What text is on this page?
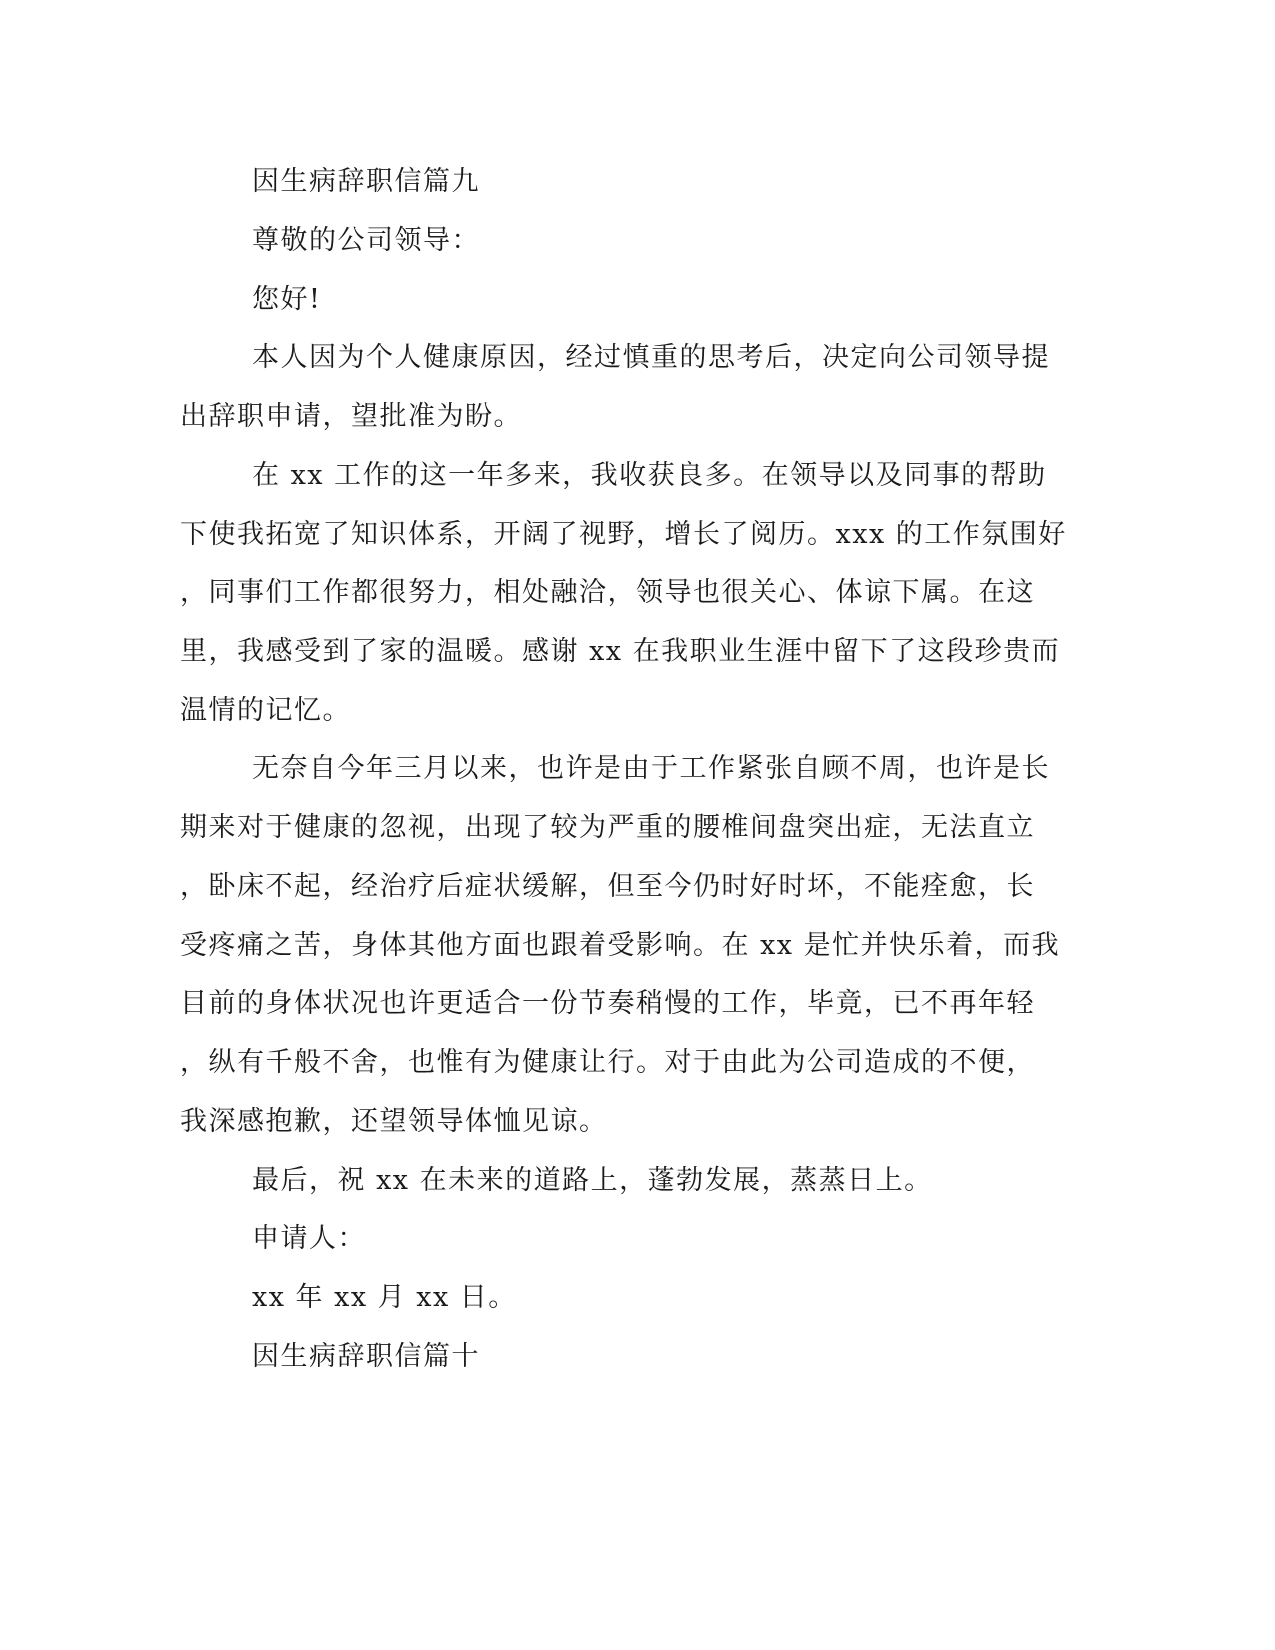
因生病辞职信篇九
尊敬的公司领导：
您好!
本人因为个人健康原因，经过慎重的思考后，决定向公司领导提
出辞职申请，望批准为盼。
在 xx 工作的这一年多来，我收获良多。在领导以及同事的帮助
下使我拓宽了知识体系，开阔了视野，增长了阅历。xxx 的工作氛围好
，同事们工作都很努力，相处融洽，领导也很关心、体谅下属。在这
里，我感受到了家的温暖。感谢 xx 在我职业生涯中留下了这段珍贵而
温情的记忆。
无奈自今年三月以来，也许是由于工作紧张自顾不周，也许是长
期来对于健康的忽视，出现了较为严重的腰椎间盘突出症，无法直立
，卧床不起，经治疗后症状缓解，但至今仍时好时坏，不能痊愈，长
受疼痛之苦，身体其他方面也跟着受影响。在 xx 是忙并快乐着，而我
目前的身体状况也许更适合一份节奏稍慢的工作，毕竟，已不再年轻
，纵有千般不舍，也惟有为健康让行。对于由此为公司造成的不便，
我深感抱歉，还望领导体恤见谅。
最后，祝 xx 在未来的道路上，蓬勃发展，蒸蒸日上。
申请人：
xx 年 xx 月 xx 日。
因生病辞职信篇十
